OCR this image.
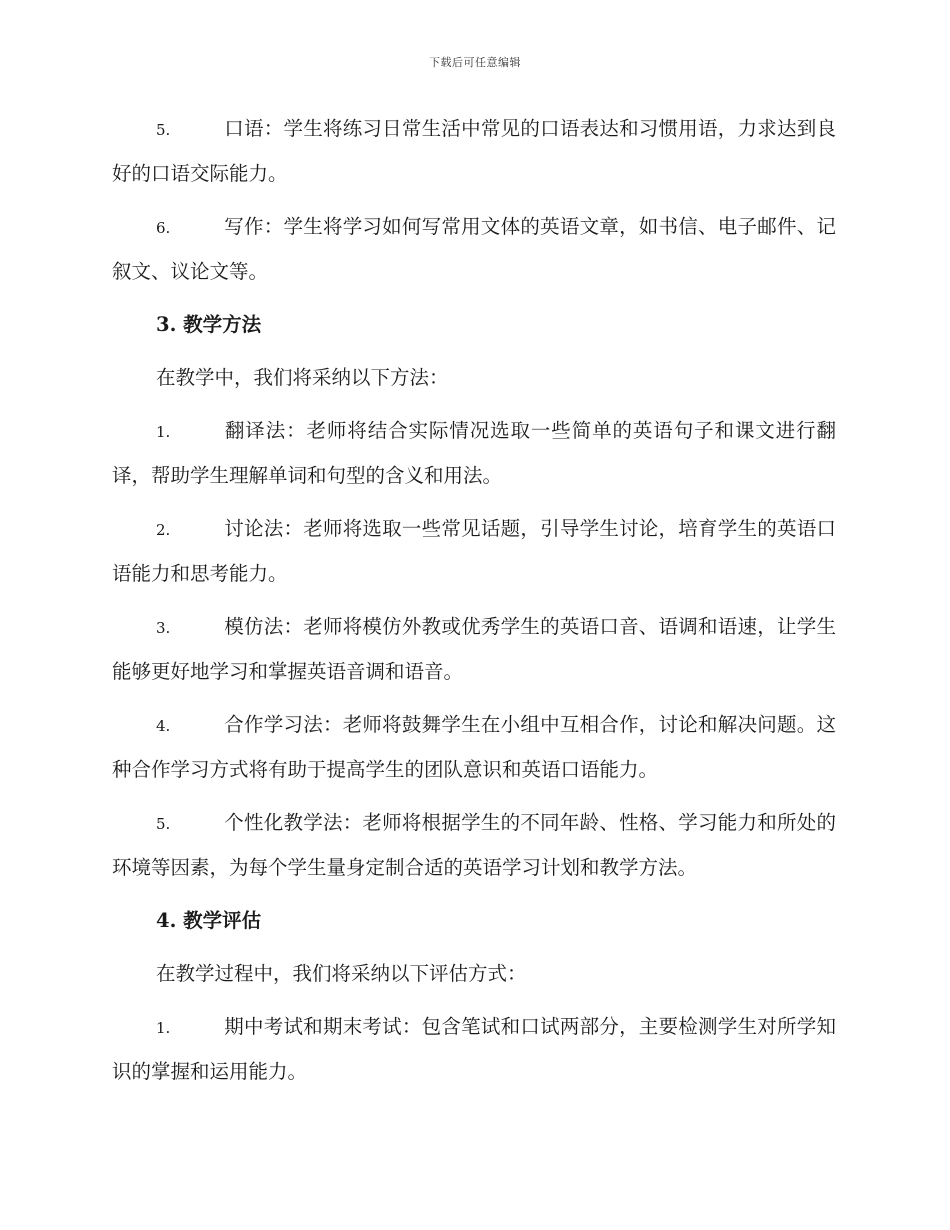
下载后可任意编辑

5.	口语：学生将练习日常生活中常见的口语表达和习惯用语，力求达到良好的口语交际能力。

6.	写作：学生将学习如何写常用文体的英语文章，如书信、电子邮件、记叙文、议论文等。

3. 教学方法

在教学中，我们将采纳以下方法：

1.	翻译法：老师将结合实际情况选取一些简单的英语句子和课文进行翻译，帮助学生理解单词和句型的含义和用法。

2.	讨论法：老师将选取一些常见话题，引导学生讨论，培育学生的英语口语能力和思考能力。

3.	模仿法：老师将模仿外教或优秀学生的英语口音、语调和语速，让学生能够更好地学习和掌握英语音调和语音。

4.	合作学习法：老师将鼓舞学生在小组中互相合作，讨论和解决问题。这种合作学习方式将有助于提高学生的团队意识和英语口语能力。

5.	个性化教学法：老师将根据学生的不同年龄、性格、学习能力和所处的环境等因素，为每个学生量身定制合适的英语学习计划和教学方法。

4. 教学评估

在教学过程中，我们将采纳以下评估方式：

1.	期中考试和期末考试：包含笔试和口试两部分，主要检测学生对所学知识的掌握和运用能力。
